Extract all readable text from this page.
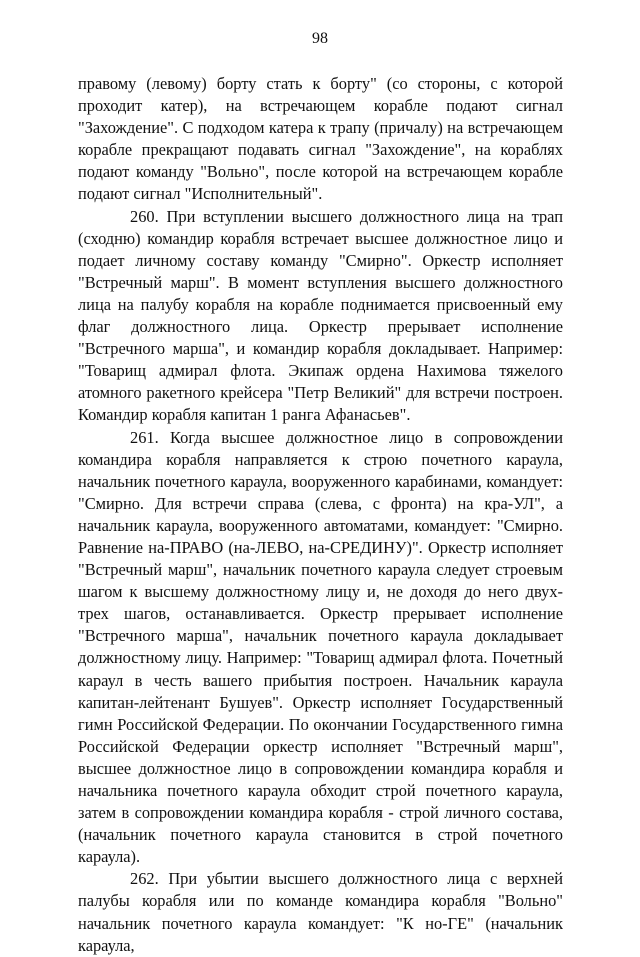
98

правому (левому) борту стать к борту" (со стороны, с которой проходит катер), на встречающем корабле подают сигнал "Захождение". С подходом катера к трапу (причалу) на встречающем корабле прекращают подавать сигнал "Захождение", на кораблях подают команду "Вольно", после которой на встречающем корабле подают сигнал "Исполнительный".

260. При вступлении высшего должностного лица на трап (сходню) командир корабля встречает высшее должностное лицо и подает личному составу команду "Смирно". Оркестр исполняет "Встречный марш". В момент вступления высшего должностного лица на палубу корабля на корабле поднимается присвоенный ему флаг должностного лица. Оркестр прерывает исполнение "Встречного марша", и командир корабля докладывает. Например: "Товарищ адмирал флота. Экипаж ордена Нахимова тяжелого атомного ракетного крейсера "Петр Великий" для встречи построен. Командир корабля капитан 1 ранга Афанасьев".

261. Когда высшее должностное лицо в сопровождении командира корабля направляется к строю почетного караула, начальник почетного караула, вооруженного карабинами, командует: "Смирно. Для встречи справа (слева, с фронта) на кра-УЛ", а начальник караула, вооруженного автоматами, командует: "Смирно. Равнение на-ПРАВО (на-ЛЕВО, на-СРЕДИНУ)". Оркестр исполняет "Встречный марш", начальник почетного караула следует строевым шагом к высшему должностному лицу и, не доходя до него двух-трех шагов, останавливается. Оркестр прерывает исполнение "Встречного марша", начальник почетного караула докладывает должностному лицу. Например: "Товарищ адмирал флота. Почетный караул в честь вашего прибытия построен. Начальник караула капитан-лейтенант Бушуев". Оркестр исполняет Государственный гимн Российской Федерации. По окончании Государственного гимна Российской Федерации оркестр исполняет "Встречный марш", высшее должностное лицо в сопровождении командира корабля и начальника почетного караула обходит строй почетного караула, затем в сопровождении командира корабля - строй личного состава, (начальник почетного караула становится в строй почетного караула).

262. При убытии высшего должностного лица с верхней палубы корабля или по команде командира корабля "Вольно" начальник почетного караула командует: "К но-ГЕ" (начальник караула,
